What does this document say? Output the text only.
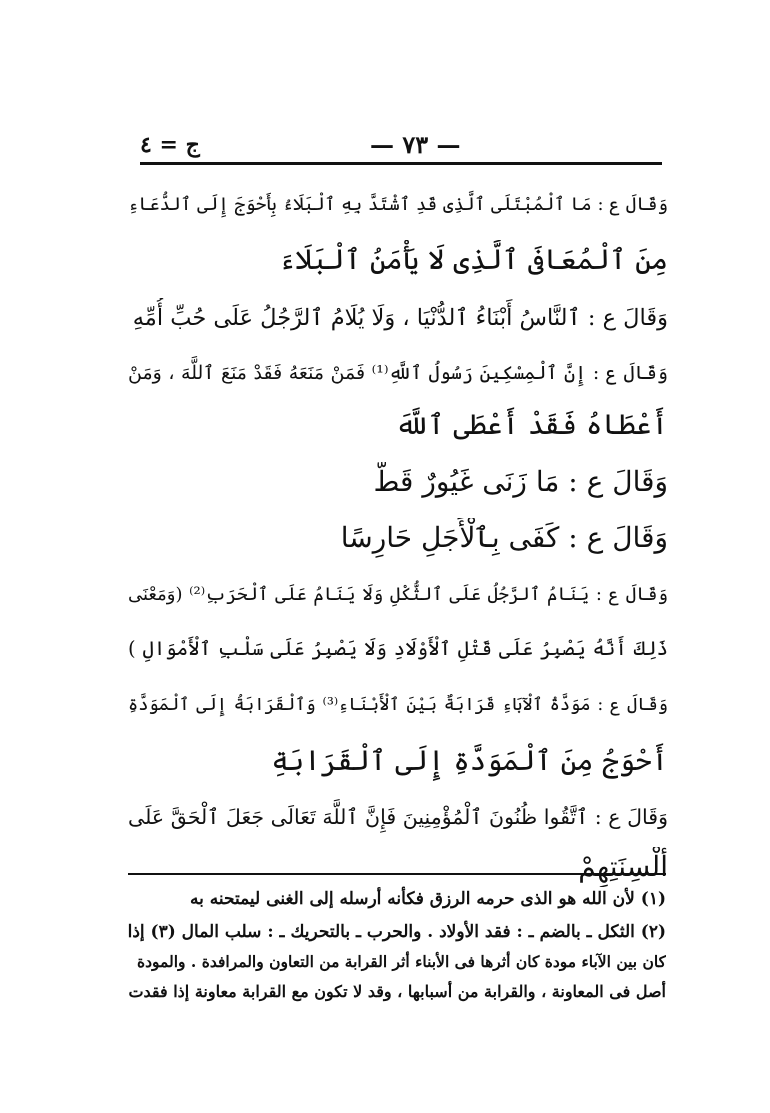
ج = ٤	— ٧٣ —
وَقَالَ ع : مَا ٱلْمُبْتَلَى ٱلَّذِى قَدِ ٱشْتَدَّ بِهِ ٱلْبَلَاءُ بِأَحْوَجَ إِلَى ٱلدُّعَاءِ
مِنَ ٱلْمُعَافَى ٱلَّذِى لَا يَأْمَنُ ٱلْبَلَاءَ
وَقَالَ ع : ٱلنَّاسُ أَبْنَاءُ ٱلدُّنْيَا ، وَلَا يُلَامُ ٱلرَّجُلُ عَلَى حُبِّ أُمِّهِ
وَقَالَ ع : إِنَّ ٱلْمِسْكِينَ رَسُولُ ٱللَّهِ⁽¹⁾ فَمَنْ مَنَعَهُ فَقَدْ مَنَعَ ٱللَّهَ ، وَمَنْ
أَعْطَاهُ فَقَدْ أَعْطَى ٱللَّهَ
وَقَالَ ع : مَا زَنَى غَيُورٌ قَطُّ
وَقَالَ ع : كَفَى بِٱلْأَجَلِ حَارِسًا
وَقَالَ ع : يَنَامُ ٱلرَّجُلُ عَلَى ٱلثُّكْلِ وَلَا يَنَامُ عَلَى ٱلْحَرَبِ⁽²⁾ (وَمَعْنَى
ذَلِكَ أَنَّهُ يَصْبِرُ عَلَى قَتْلِ ٱلْأَوْلَادِ وَلَا يَصْبِرُ عَلَى سَلْبِ ٱلْأَمْوَالِ )
وَقَالَ ع : مَوَدَّةُ ٱلْآبَاءِ قَرَابَةٌ بَيْنَ ٱلْأَبْنَاءِ⁽³⁾ وَٱلْقَرَابَةُ إِلَى ٱلْمَوَدَّةِ
أَحْوَجُ مِنَ ٱلْمَوَدَّةِ إِلَى ٱلْقَرَابَةِ
وَقَالَ ع : ٱتَّقُوا ظُنُونَ ٱلْمُؤْمِنِينَ فَإِنَّ ٱللَّهَ تَعَالَى جَعَلَ ٱلْحَقَّ عَلَى
أَلْسِنَتِهِمْ
(١) لأن الله هو الذى حرمه الرزق فكأنه أرسله إلى الغنى ليمتحنه به
(٢) الثكل ـ بالضم ـ : فقد الأولاد . والحرب ـ بالتحريك ـ : سلب المال (٣) إذا
كان بين الآباء مودة كان أثرها فى الأبناء أثر القرابة من التعاون والمرافدة . والمودة
أصل فى المعاونة ، والقرابة من أسبابها ، وقد لا تكون مع القرابة معاونة إذا فقدت
